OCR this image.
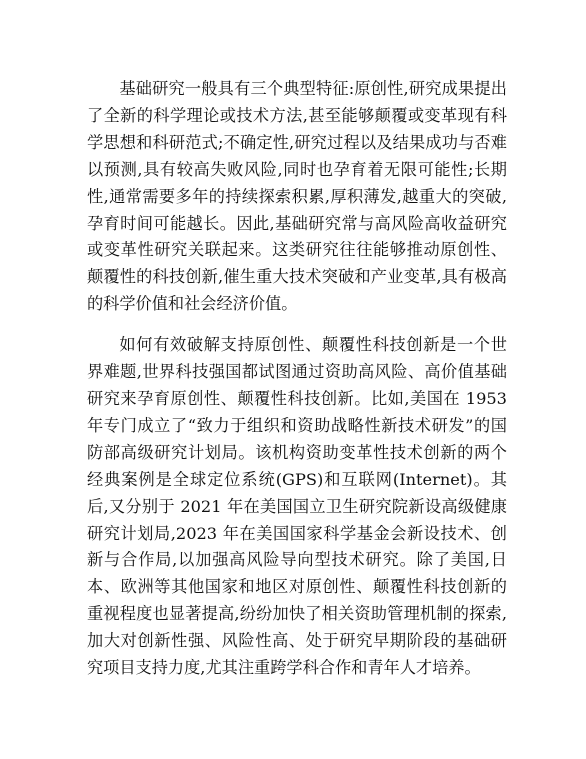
基础研究一般具有三个典型特征:原创性,研究成果提出了全新的科学理论或技术方法,甚至能够颠覆或变革现有科学思想和科研范式;不确定性,研究过程以及结果成功与否难以预测,具有较高失败风险,同时也孕育着无限可能性;长期性,通常需要多年的持续探索积累,厚积薄发,越重大的突破,孕育时间可能越长。因此,基础研究常与高风险高收益研究或变革性研究关联起来。这类研究往往能够推动原创性、颠覆性的科技创新,催生重大技术突破和产业变革,具有极高的科学价值和社会经济价值。

如何有效破解支持原创性、颠覆性科技创新是一个世界难题,世界科技强国都试图通过资助高风险、高价值基础研究来孕育原创性、颠覆性科技创新。比如,美国在 1953 年专门成立了“致力于组织和资助战略性新技术研发”的国防部高级研究计划局。该机构资助变革性技术创新的两个经典案例是全球定位系统(GPS)和互联网(Internet)。其后,又分别于 2021 年在美国国立卫生研究院新设高级健康研究计划局,2023 年在美国国家科学基金会新设技术、创新与合作局,以加强高风险导向型技术研究。除了美国,日本、欧洲等其他国家和地区对原创性、颠覆性科技创新的重视程度也显著提高,纷纷加快了相关资助管理机制的探索,加大对创新性强、风险性高、处于研究早期阶段的基础研究项目支持力度,尤其注重跨学科合作和青年人才培养。
